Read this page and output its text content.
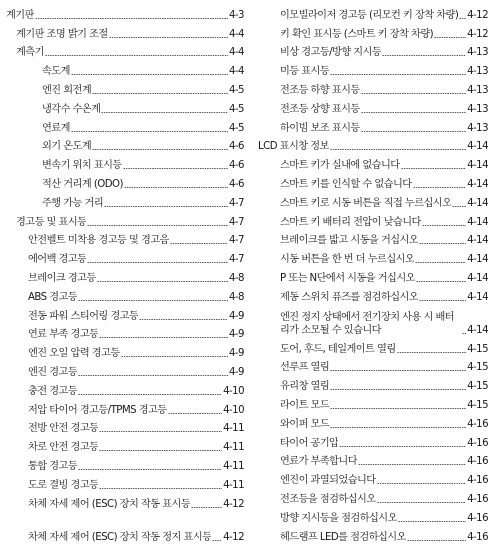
계기판	4-3
계기판 조명 밝기 조절	4-4
계측기	4-4
속도계	4-4
엔진 회전계	4-5
냉각수 수온계	4-5
연료계	4-5
외기 온도계	4-6
변속기 위치 표시등	4-6
적산 거리계 (ODO)	4-6
주행 가능 거리	4-7
경고등 및 표시등	4-7
안전벨트 미착용 경고등 및 경고음	4-7
에어백 경고등	4-7
브레이크 경고등	4-8
ABS 경고등	4-8
전동 파워 스티어링 경고등	4-9
연료 부족 경고등	4-9
엔진 오일 압력 경고등	4-9
엔진 경고등	4-9
충전 경고등	4-10
저압 타이어 경고등/TPMS 경고등	4-10
전방 안전 경고등	4-11
차로 안전 경고등	4-11
통합 경고등	4-11
도로 결빙 경고등	4-11
차체 자세 제어 (ESC) 장치 작동 표시등	4-12
차체 자세 제어 (ESC) 장치 작동 정지 표시등 4-12
이모빌라이저 경고등 (리모컨 키 장착 차량) 4-12
키 확인 표시등 (스마트 키 장착 차량)	4-12
비상 경고등/방향 지시등	4-13
미등 표시등	4-13
전조등 하향 표시등	4-13
전조등 상향 표시등	4-13
하이빔 보조 표시등	4-13
LCD 표시창 정보	4-14
스마트 키가 실내에 없습니다	4-14
스마트 키를 인식할 수 없습니다	4-14
스마트 키로 시동 버튼을 직접 누르십시오 4-14
스마트 키 배터리 전압이 낮습니다	4-14
브레이크를 밟고 시동을 거십시오	4-14
시동 버튼을 한 번 더 누르십시오	4-14
P 또는 N단에서 시동을 거십시오	4-14
제동 스위치 퓨즈를 점검하십시오	4-14
엔진 정지 상태에서 전기장치 사용 시 배터리가 소모될 수 있습니다	4-14
도어, 후드, 테일게이트 열림	4-15
선루프 열림	4-15
유리창 열림	4-15
라이트 모드	4-15
와이퍼 모드	4-16
타이어 공기압	4-16
연료가 부족합니다	4-16
엔진이 과열되었습니다	4-16
전조등을 점검하십시오	4-16
방향 지시등을 점검하십시오	4-16
헤드램프 LED를 점검하십시오	4-16
